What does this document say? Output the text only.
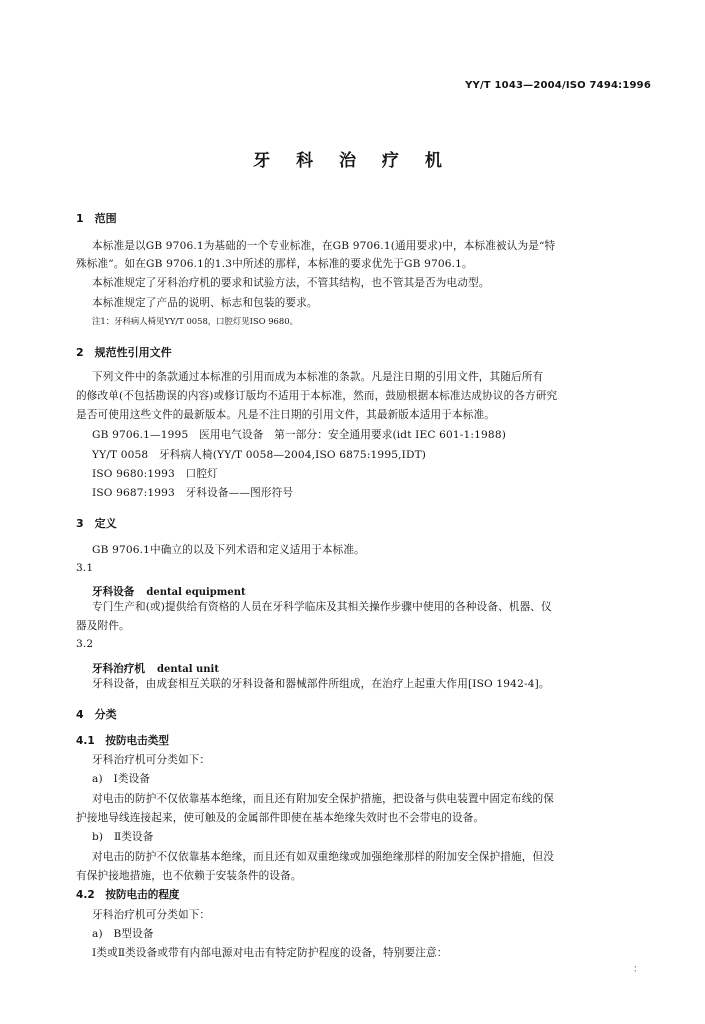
YY/T 1043—2004/ISO 7494:1996
牙 科 治 疗 机
1　范围
本标准是以GB 9706.1为基础的一个专业标准，在GB 9706.1(通用要求)中，本标准被认为是“特
殊标准”。如在GB 9706.1的1.3中所述的那样，本标准的要求优先于GB 9706.1。
本标准规定了牙科治疗机的要求和试验方法，不管其结构，也不管其是否为电动型。
本标准规定了产品的说明、标志和包装的要求。
注1：牙科病人椅见YY/T 0058，口腔灯见ISO 9680。
2　规范性引用文件
下列文件中的条款通过本标准的引用而成为本标准的条款。凡是注日期的引用文件，其随后所有
的修改单(不包括勘误的内容)或修订版均不适用于本标准，然而，鼓励根据本标准达成协议的各方研究
是否可使用这些文件的最新版本。凡是不注日期的引用文件，其最新版本适用于本标准。
GB 9706.1—1995　医用电气设备　第一部分：安全通用要求(idt IEC 601-1:1988)
YY/T 0058　牙科病人椅(YY/T 0058—2004,ISO 6875:1995,IDT)
ISO 9680:1993　口腔灯
ISO 9687:1993　牙科设备——图形符号
3　定义
GB 9706.1中确立的以及下列术语和定义适用于本标准。
3.1
牙科设备 dental equipment
专门生产和(或)提供给有资格的人员在牙科学临床及其相关操作步骤中使用的各种设备、机器、仪
器及附件。
3.2
牙科治疗机 dental unit
牙科设备，由成套相互关联的牙科设备和器械部件所组成，在治疗上起重大作用[ISO 1942-4]。
4　分类
4.1　按防电击类型
牙科治疗机可分类如下：
a)　Ⅰ类设备
对电击的防护不仅依靠基本绝缘，而且还有附加安全保护措施，把设备与供电装置中固定布线的保
护接地导线连接起来，使可触及的金属部件即使在基本绝缘失效时也不会带电的设备。
b)　Ⅱ类设备
对电击的防护不仅依靠基本绝缘，而且还有如双重绝缘或加强绝缘那样的附加安全保护措施，但没
有保护接地措施，也不依赖于安装条件的设备。
4.2　按防电击的程度
牙科治疗机可分类如下：
a)　B型设备
Ⅰ类或Ⅱ类设备或带有内部电源对电击有特定防护程度的设备，特别要注意：
：
